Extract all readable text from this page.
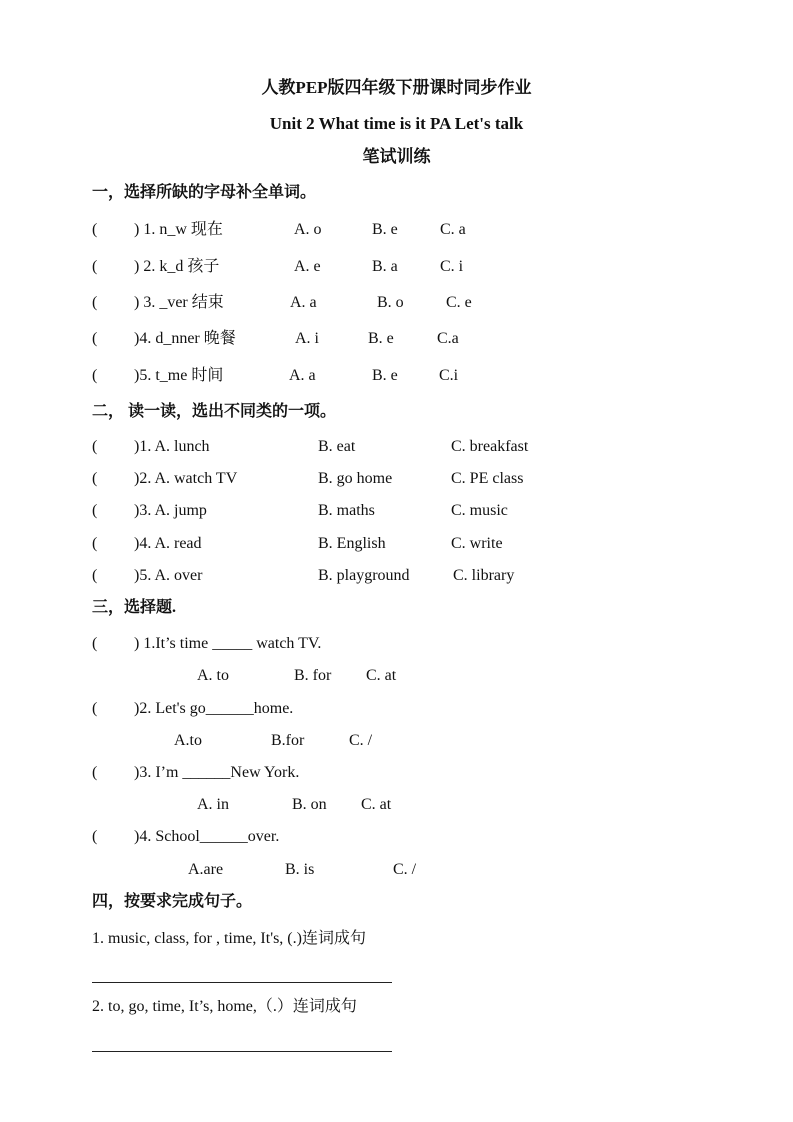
人教PEP版四年级下册课时同步作业
Unit 2 What time is it PA Let's talk
笔试训练
一，选择所缺的字母补全单词。
( ) 1. n_w 现在	A. o	B. e	C. a
( ) 2. k_d 孩子	A. e	B. a	C. i
( ) 3. _ver 结束	A. a	B. o	C. e
( )4. d_nner 晚餐	A. i	B. e	C.a
( )5. t_me 时间	A. a	B. e	C.i
二， 读一读，选出不同类的一项。
( )1. A. lunch	B. eat	C. breakfast
( )2. A. watch TV	B. go home	C. PE class
( )3. A. jump	B. maths	C. music
( )4. A. read	B. English	C. write
( )5. A. over	B. playground	C. library
三，选择题.
( ) 1.It’s time _____ watch TV.
A. to	B. for C. at
( )2. Let's go______home.
A.to	B.for	C. /
( )3. I’m ______New York.
A. in	B. on C. at
( )4. School______over.
A.are	B. is	C. /
四，按要求完成句子。
1. music, class, for , time, It's, (.)连词成句
2. to, go, time, It’s, home,（.）连词成句
